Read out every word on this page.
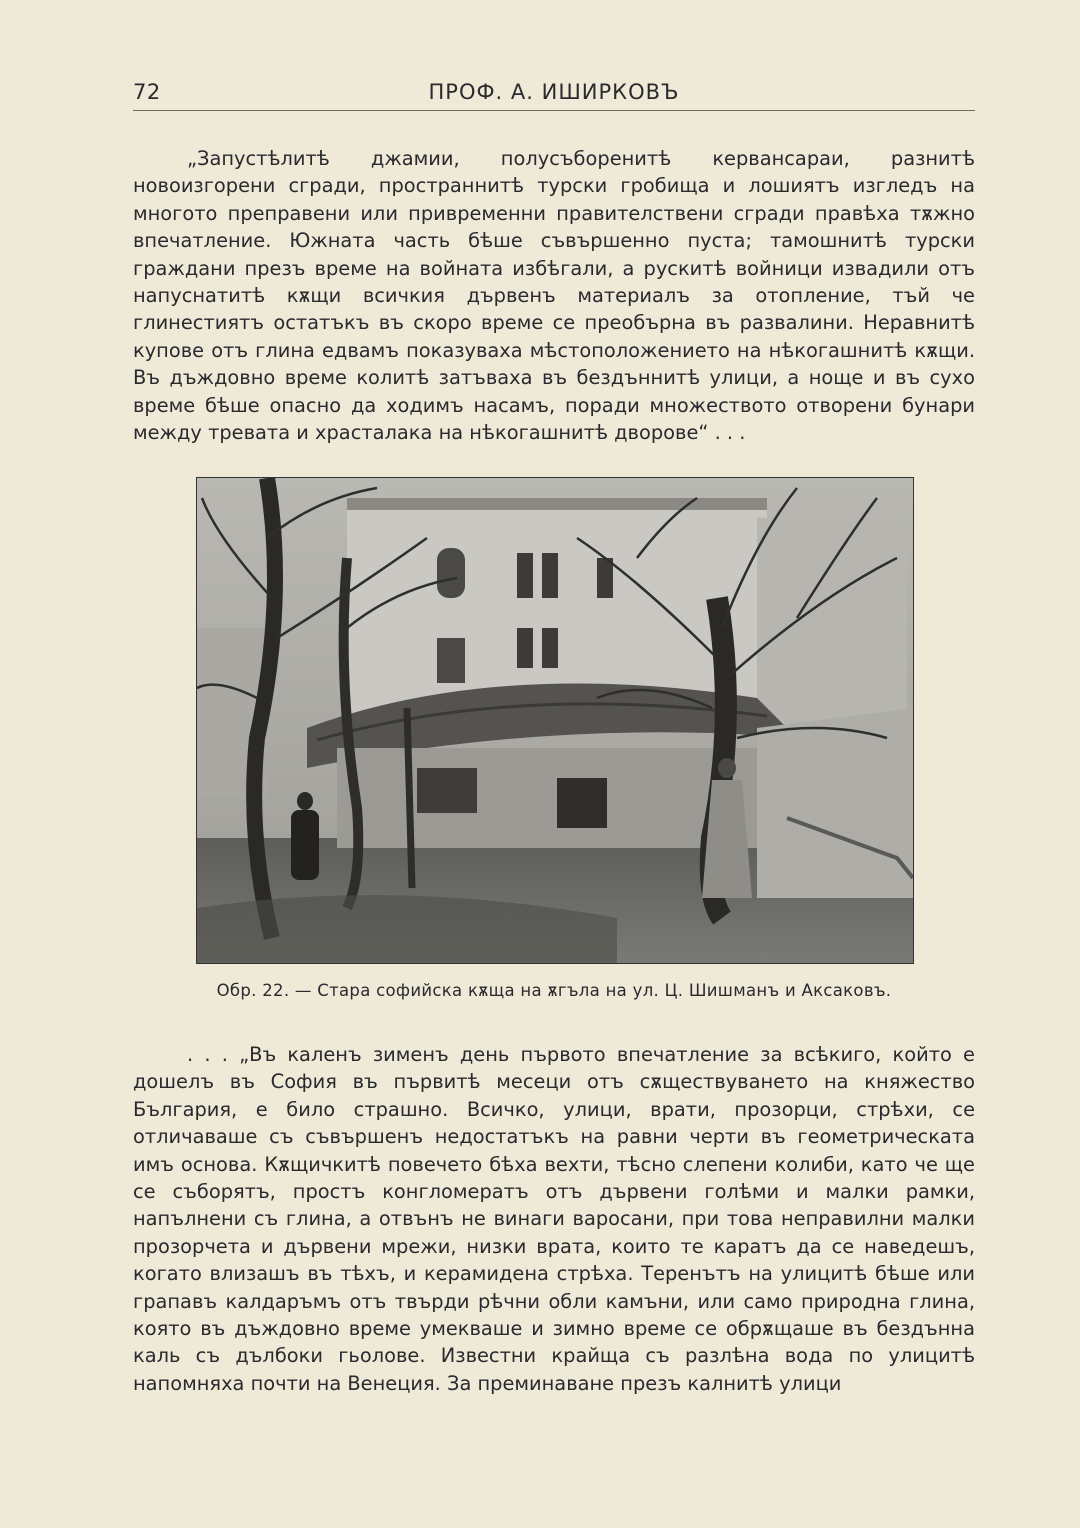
72	ПРОФ. А. ИШИРКОВЪ

„Запустѣлитѣ джамии, полусъборенитѣ кервансараи, разнитѣ новоизгорени сгради, пространнитѣ турски гробища и лошиятъ изгледъ на многото преправени или привременни правителствени сгради правѣха тѫжно впечатление. Южната часть бѣше съвършенно пуста; тамошнитѣ турски граждани презъ време на войната избѣгали, а рускитѣ войници извадили отъ напуснатитѣ кѫщи всичкия дървенъ материалъ за отопление, тъй че глинестиятъ остатъкъ въ скоро време се преобърна въ развалини. Неравнитѣ купове отъ глина едвамъ показуваха мѣстоположението на нѣкогашнитѣ кѫщи. Въ дъждовно време колитѣ затъваха въ бездъннитѣ улици, а ноще и въ сухо време бѣше опасно да ходимъ насамъ, поради множеството отворени бунари между тревата и храсталака на нѣкогашнитѣ дворове“ . . .

Обр. 22. — Стара софийска кѫща на ѫгъла на ул. Ц. Шишманъ и Аксаковъ.

. . . „Въ каленъ зименъ день първото впечатление за всѣкиго, който е дошелъ въ София въ първитѣ месеци отъ сѫществуването на княжество България, е било страшно. Всичко, улици, врати, прозорци, стрѣхи, се отличаваше съ съвършенъ недостатъкъ на равни черти въ геометрическата имъ основа. Кѫщичкитѣ повечето бѣха вехти, тѣсно слепени колиби, като че ще се съборятъ, простъ конгломератъ отъ дървени голѣми и малки рамки, напълнени съ глина, а отвънъ не винаги варосани, при това неправилни малки прозорчета и дървени мрежи, низки врата, които те каратъ да се наведешъ, когато влизашъ въ тѣхъ, и керамидена стрѣха. Теренътъ на улицитѣ бѣше или грапавъ калдаръмъ отъ твърди рѣчни обли камъни, или само природна глина, която въ дъждовно време умекваше и зимно време се обрѫщаше въ бездънна каль съ дълбоки гьолове. Известни крайща съ разлѣна вода по улицитѣ напомняха почти на Венеция. За преминаване презъ калнитѣ улици
